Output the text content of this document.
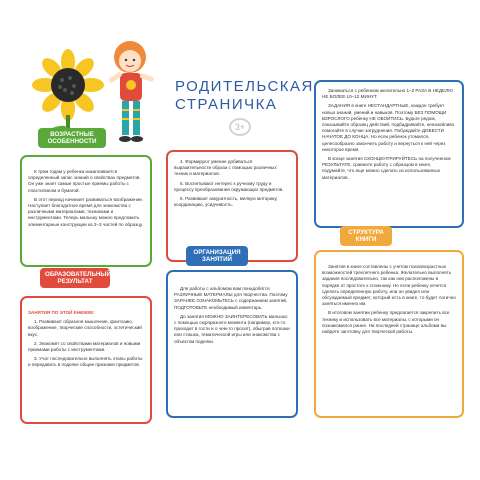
РОДИТЕЛЬСКАЯ
СТРАНИЧКА
3+

К трем годам у ребенка накапливается определенный запас знаний о свойствах предметов. Он уже знает самые простые приемы работы с пластилином и бумагой.

В этот период начинает развиваться воображение. Наступает благодатное время для знакомства с различными материалами, техниками и инструментами. Теперь малышу можно предложить элементарные конструкции из 2–3 частей по образцу.

ВОЗРАСТНЫЕ ОСОБЕННОСТИ

4. Формируют умение добиваться выразительности образа с помощью различных техник и материалов.

5. Воспитывают интерес к ручному труду и процессу преобразования окружающих предметов.

6. Развивают аккуратность, мелкую моторику, координацию, усидчивость.

Заниматься с ребенком желательно 1–2 РАЗА В НЕДЕЛЮ НЕ БОЛЕЕ 10–12 МИНУТ.

ЗАДАНИЯ в книге НЕСТАНДАРТНЫЕ, каждое требует новых знаний, умений и навыков. Поэтому БЕЗ ПОМОЩИ ВЗРОСЛОГО ребенку НЕ ОБОЙТИСЬ. Будьте рядом, показывайте образец действий, подбадривайте, неназойливо помогайте в случае затруднения. Побуждайте ДОВЕСТИ НАЧАТОЕ ДО КОНЦА. Но если ребенок утомился, целесообразно закончить работу и вернуться к ней через некоторое время.

В конце занятия СКОНЦЕНТРИРУЙТЕСЬ на полученном РЕЗУЛЬТАТЕ, сравните работу с образцом в книге, подумайте, что еще можно сделать из использованных материалов.

ЗАНЯТИЯ ПО ЭТОЙ КНИЖКЕ:

1. Развивают образное мышление, фантазию, воображение, творческие способности, эстетический вкус.

2. Знакомят со свойствами материалов и новыми приемами работы с инструментами.

3. Учат последовательно выполнять этапы работы и передавать в поделке общие признаки предметов.

ОБРАЗОВАТЕЛЬНЫЙ РЕЗУЛЬТАТ

Для работы с альбомом вам понадобятся РАЗЛИЧНЫЕ МАТЕРИАЛЫ для творчества. Поэтому ЗАРАНЕЕ ОЗНАКОМЬТЕСЬ с содержанием занятий, ПОДГОТОВЬТЕ необходимый инвентарь.

До занятия МОЖНО ЗАИНТЕРЕСОВАТЬ малыша: с помощью сюрпризного момента (например, кто-то приходит в гости и о чем-то просит), обыграв потешки или стишка, тематической игры или знакомства с объектом поделки.

ОРГАНИЗАЦИЯ ЗАНЯТИЙ

Занятия в книге составлены с учетом психовозрастных возможностей трехлетнего ребенка. Желательно выполнять задания последовательно, так как они расположены в порядке от простого к сложному. Но если ребенку хочется сделать определенную работу, или он увидел или обсуждаемый предмет, который есть в книге, то будет логично заняться именно им.

В итоговом занятии ребенку предлагается закрепить все технику и использовать все материалы, с которыми он познакомился ранее. На последней странице альбома вы найдете заготовку для творческой работы.

СТРУКТУРА КНИГИ
